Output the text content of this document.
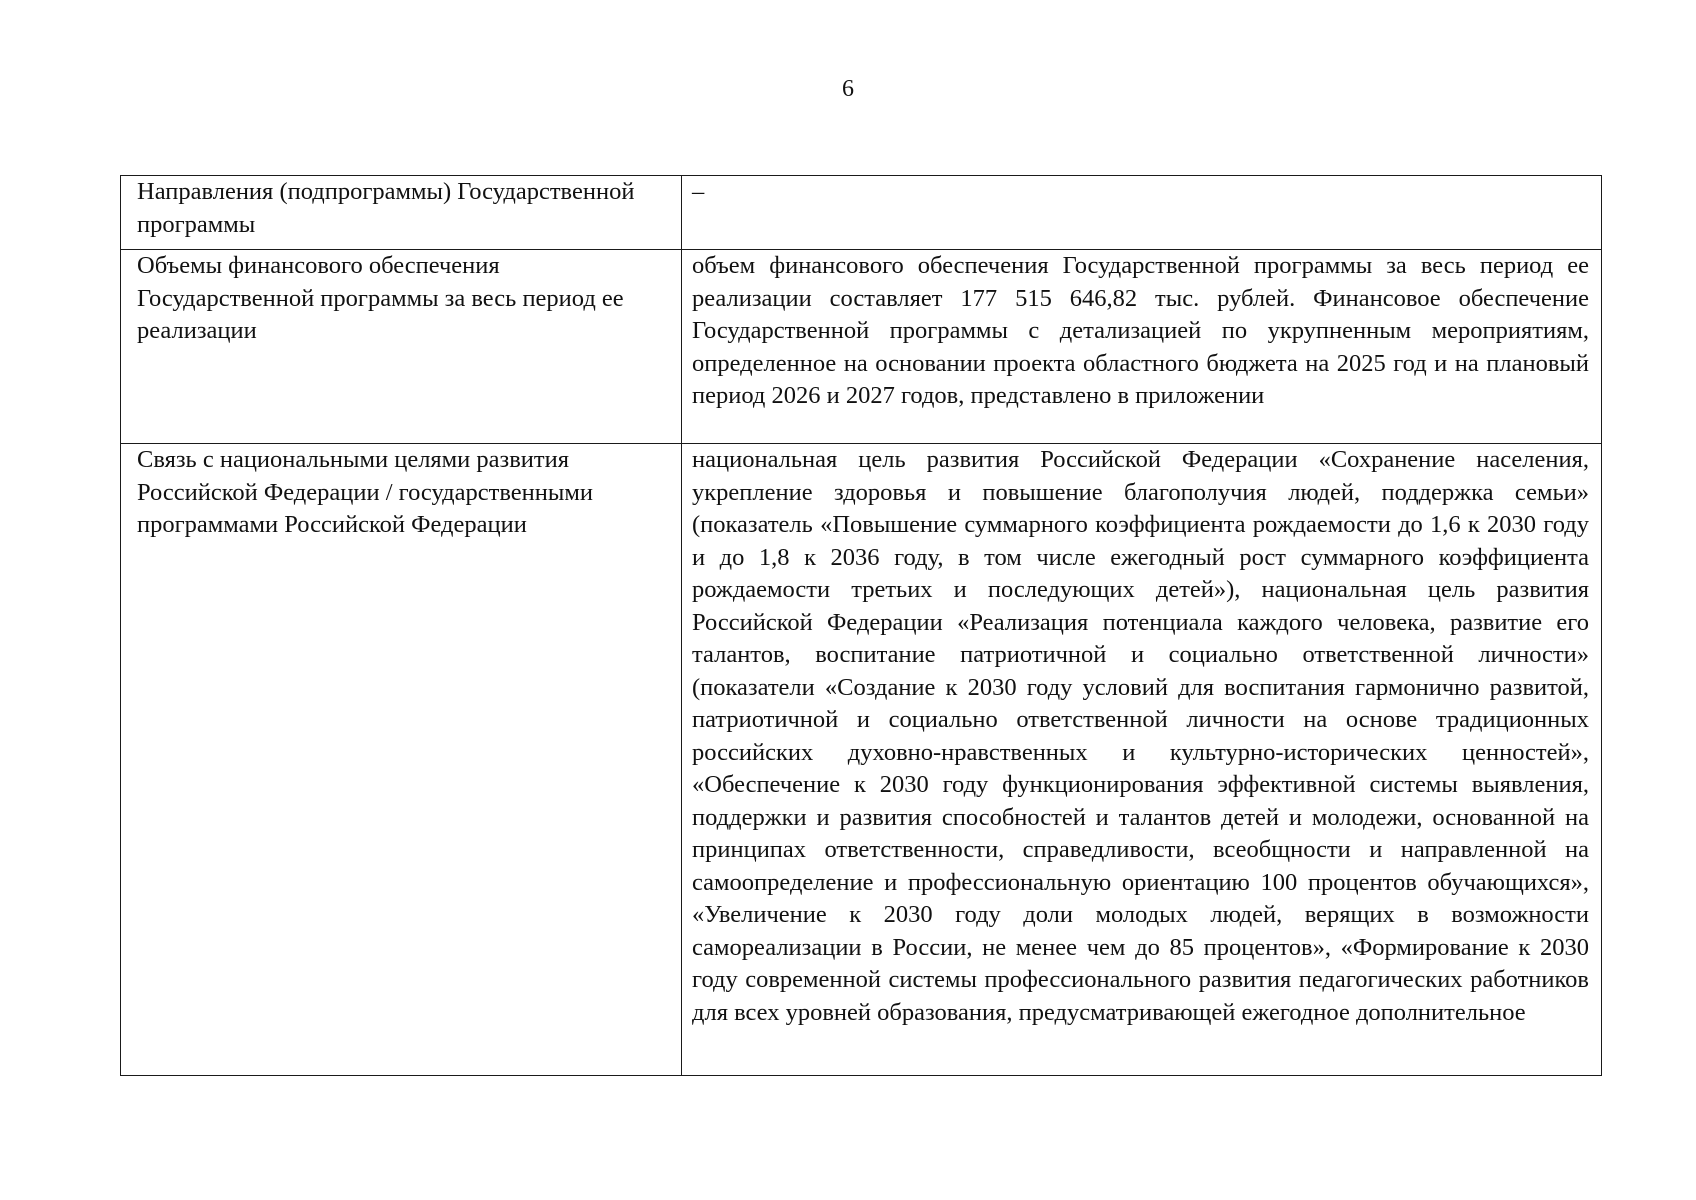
6
Направления (подпрограммы) Государственной программы	–

Объемы финансового обеспечения Государственной программы за весь период ее реализации	объем финансового обеспечения Государственной программы за весь период ее реализации составляет 177 515 646,82 тыс. рублей. Финансовое обеспечение Государственной программы с детализацией по укрупненным мероприятиям, определенное на основании проекта областного бюджета на 2025 год и на плановый период 2026 и 2027 годов, представлено в приложении

Связь с национальными целями развития Российской Федерации / государственными программами Российской Федерации	национальная цель развития Российской Федерации «Сохранение населения, укрепление здоровья и повышение благополучия людей, поддержка семьи» (показатель «Повышение суммарного коэффициента рождаемости до 1,6 к 2030 году и до 1,8 к 2036 году, в том числе ежегодный рост суммарного коэффициента рождаемости третьих и последующих детей»), национальная цель развития Российской Федерации «Реализация потенциала каждого человека, развитие его талантов, воспитание патриотичной и социально ответственной личности» (показатели «Создание к 2030 году условий для воспитания гармонично развитой, патриотичной и социально ответственной личности на основе традиционных российских духовно-нравственных и культурно-исторических ценностей», «Обеспечение к 2030 году функционирования эффективной системы выявления, поддержки и развития способностей и талантов детей и молодежи, основанной на принципах ответственности, справедливости, всеобщности и направленной на самоопределение и профессиональную ориентацию 100 процентов обучающихся», «Увеличение к 2030 году доли молодых людей, верящих в возможности самореализации в России, не менее чем до 85 процентов», «Формирование к 2030 году современной системы профессионального развития педагогических работников для всех уровней образования, предусматривающей ежегодное дополнительное
